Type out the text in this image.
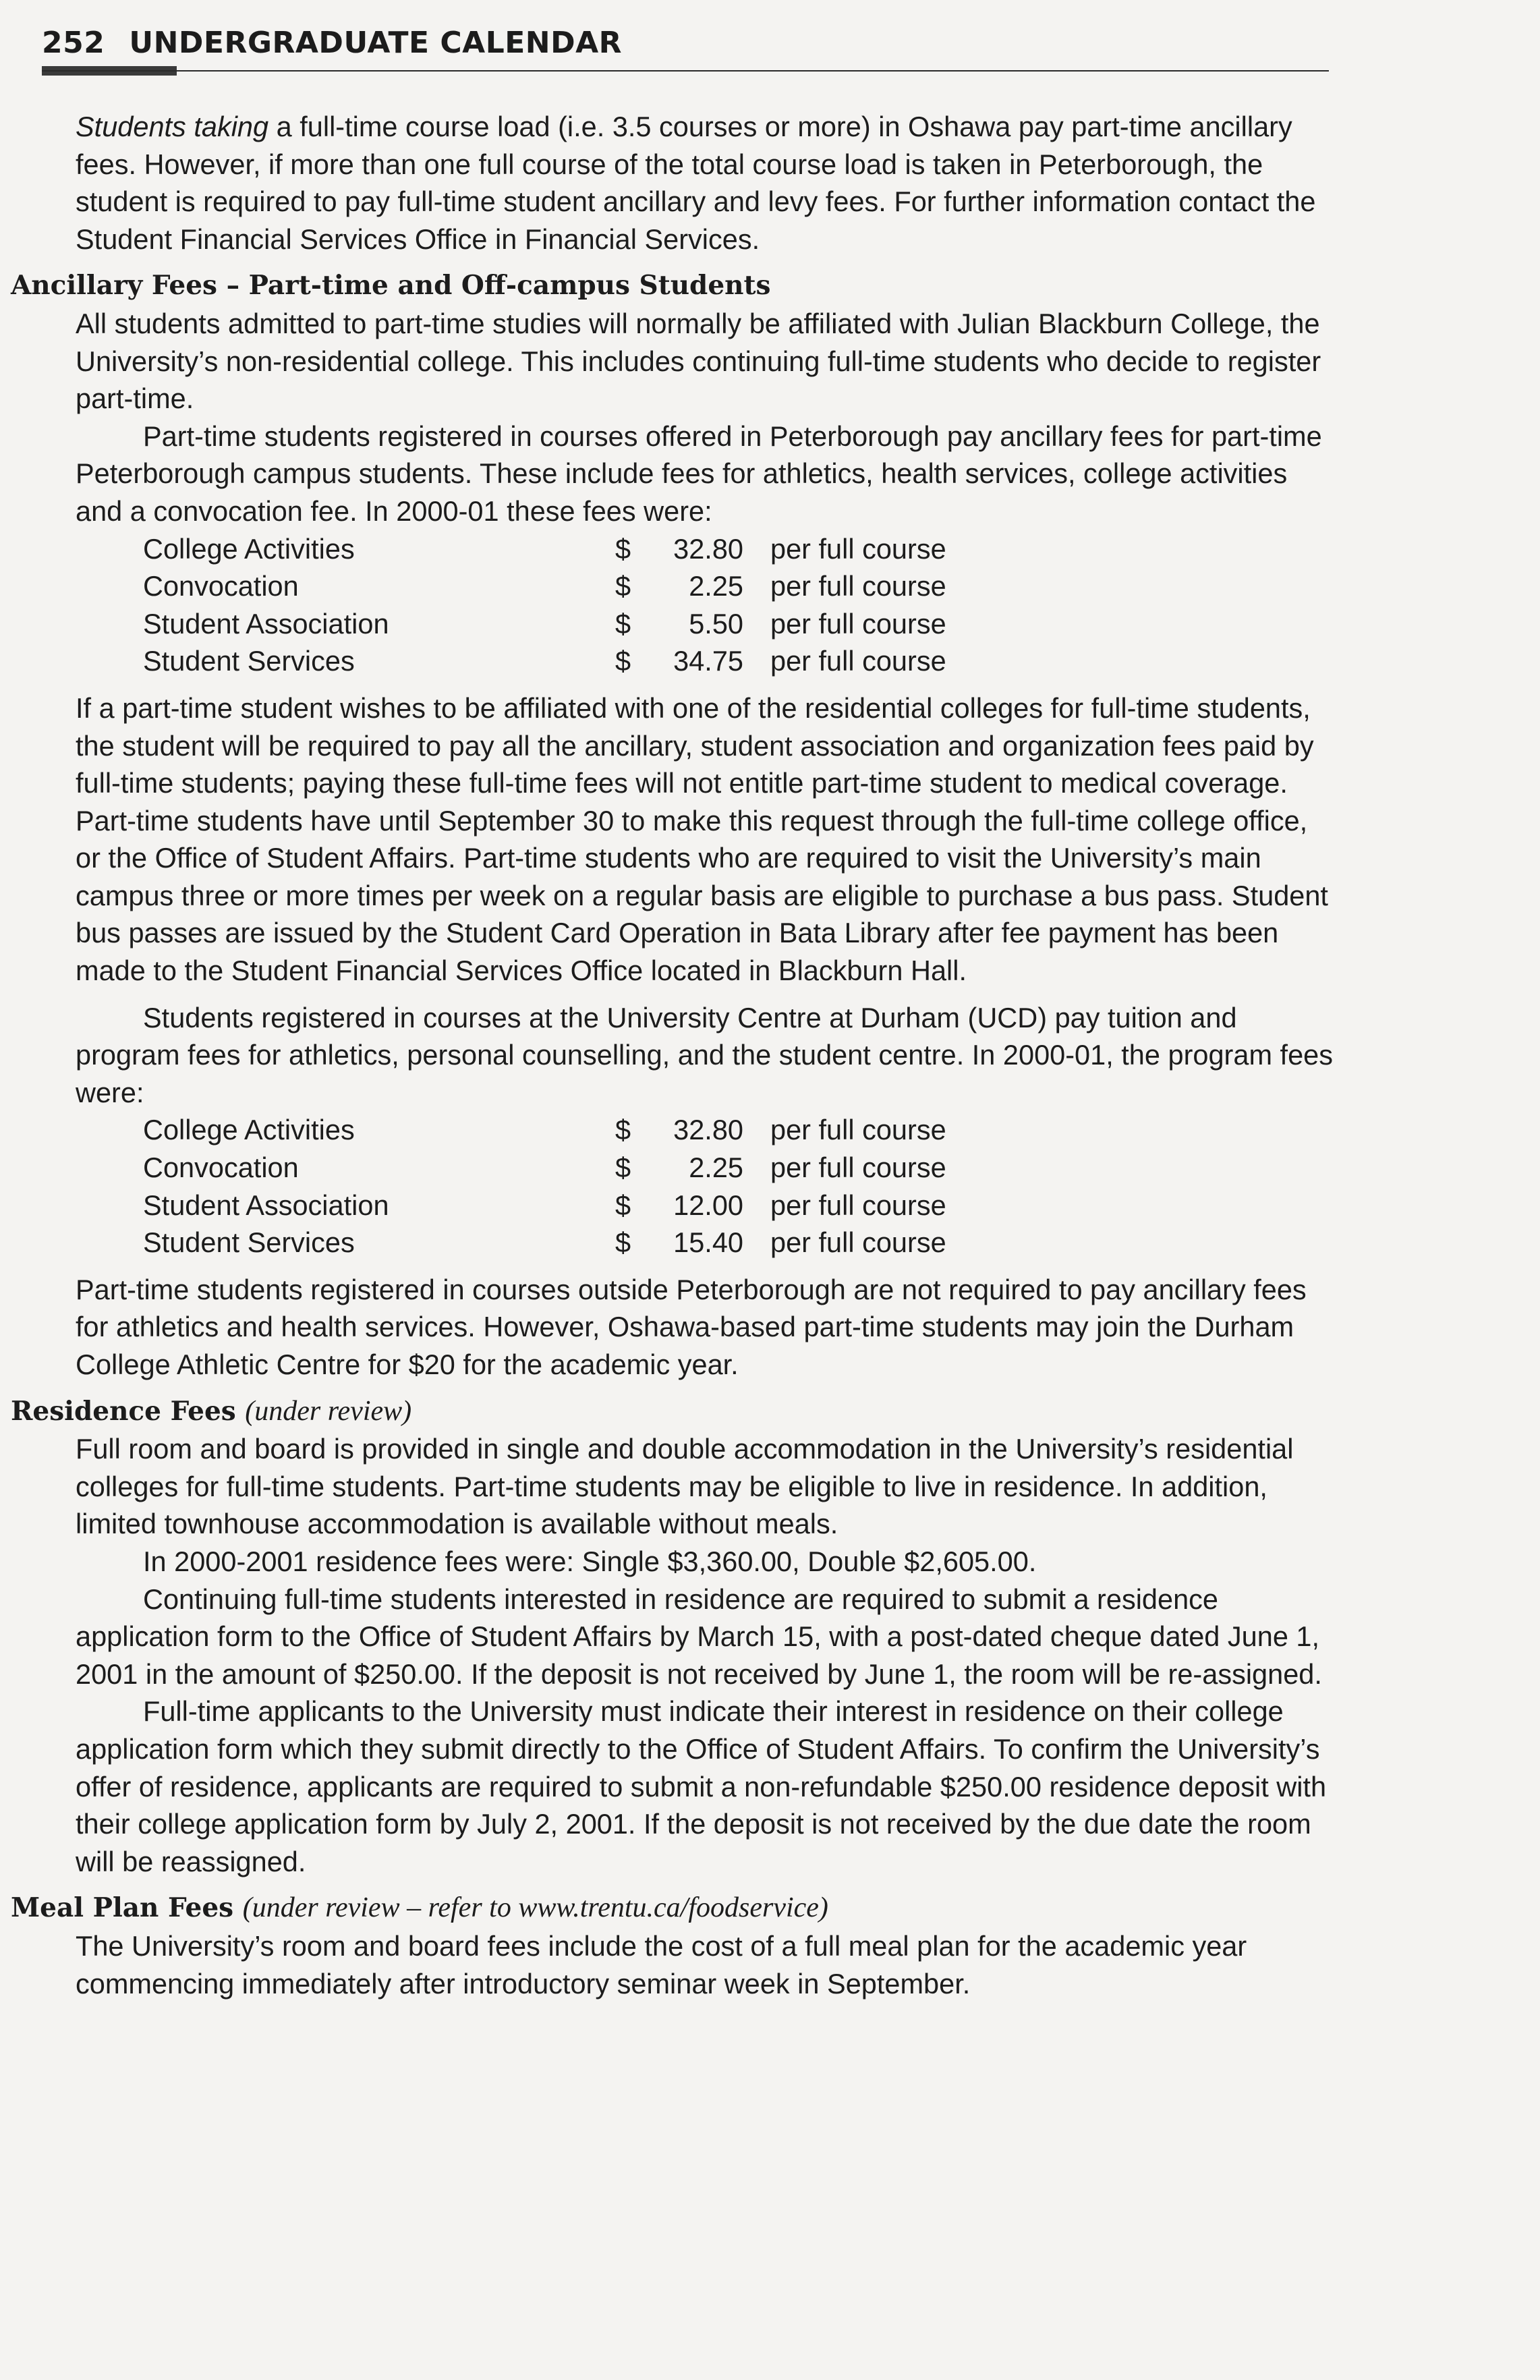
252 UNDERGRADUATE CALENDAR

Students taking a full-time course load (i.e. 3.5 courses or more) in Oshawa pay part-time ancillary fees. However, if more than one full course of the total course load is taken in Peterborough, the student is required to pay full-time student ancillary and levy fees. For further information contact the Student Financial Services Office in Financial Services.

Ancillary Fees – Part-time and Off-campus Students

All students admitted to part-time studies will normally be affiliated with Julian Blackburn College, the University’s non-residential college. This includes continuing full-time students who decide to register part-time.

Part-time students registered in courses offered in Peterborough pay ancillary fees for part-time Peterborough campus students. These include fees for athletics, health services, college activities and a convocation fee. In 2000-01 these fees were:

College Activities	$	32.80	per full course
Convocation	$	2.25	per full course
Student Association	$	5.50	per full course
Student Services	$	34.75	per full course

If a part-time student wishes to be affiliated with one of the residential colleges for full-time students, the student will be required to pay all the ancillary, student association and organization fees paid by full-time students; paying these full-time fees will not entitle part-time student to medical coverage. Part-time students have until September 30 to make this request through the full-time college office, or the Office of Student Affairs. Part-time students who are required to visit the University’s main campus three or more times per week on a regular basis are eligible to purchase a bus pass. Student bus passes are issued by the Student Card Operation in Bata Library after fee payment has been made to the Student Financial Services Office located in Blackburn Hall.

Students registered in courses at the University Centre at Durham (UCD) pay tuition and program fees for athletics, personal counselling, and the student centre. In 2000-01, the program fees were:

College Activities	$	32.80	per full course
Convocation	$	2.25	per full course
Student Association	$	12.00	per full course
Student Services	$	15.40	per full course

Part-time students registered in courses outside Peterborough are not required to pay ancillary fees for athletics and health services. However, Oshawa-based part-time students may join the Durham College Athletic Centre for $20 for the academic year.

Residence Fees (under review)

Full room and board is provided in single and double accommodation in the University’s residential colleges for full-time students. Part-time students may be eligible to live in residence. In addition, limited townhouse accommodation is available without meals.

In 2000-2001 residence fees were: Single $3,360.00, Double $2,605.00.

Continuing full-time students interested in residence are required to submit a residence application form to the Office of Student Affairs by March 15, with a post-dated cheque dated June 1, 2001 in the amount of $250.00. If the deposit is not received by June 1, the room will be re-assigned.

Full-time applicants to the University must indicate their interest in residence on their college application form which they submit directly to the Office of Student Affairs. To confirm the University’s offer of residence, applicants are required to submit a non-refundable $250.00 residence deposit with their college application form by July 2, 2001. If the deposit is not received by the due date the room will be reassigned.

Meal Plan Fees (under review – refer to www.trentu.ca/foodservice)

The University’s room and board fees include the cost of a full meal plan for the academic year commencing immediately after introductory seminar week in September.
